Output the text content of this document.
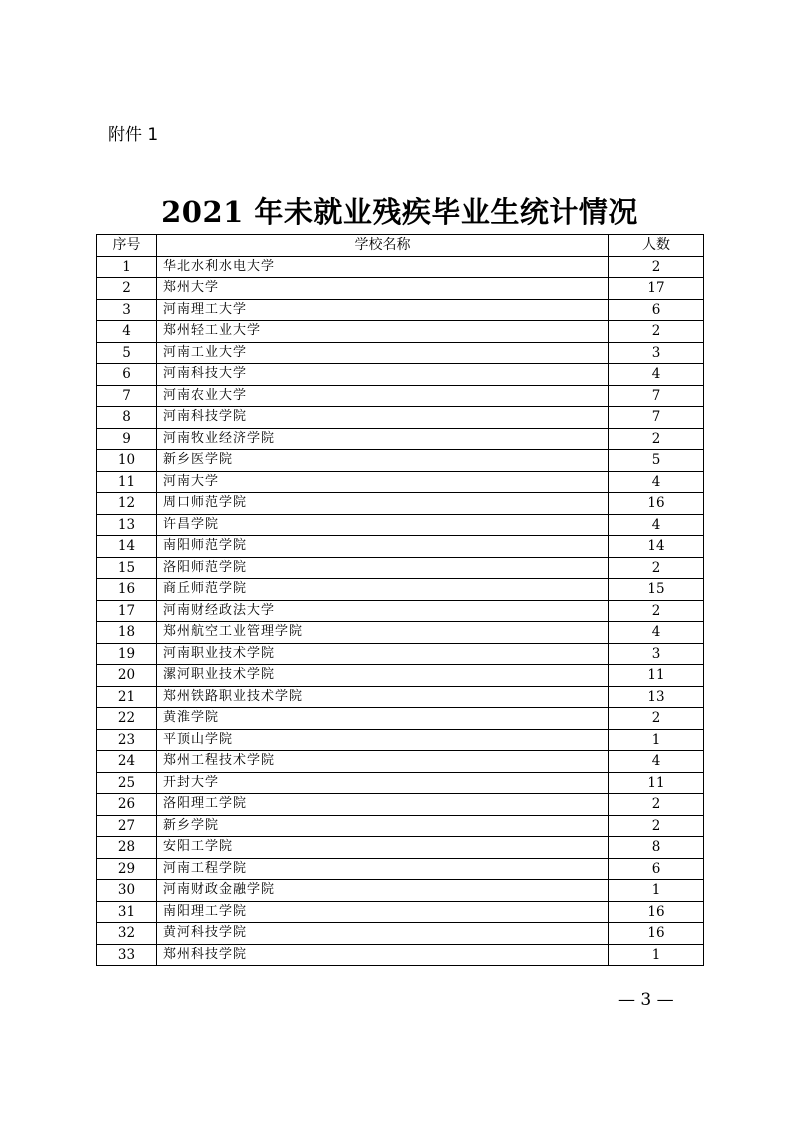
附件 1
2021 年未就业残疾毕业生统计情况
序号	学校名称	人数
1	华北水利水电大学	2
2	郑州大学	17
3	河南理工大学	6
4	郑州轻工业大学	2
5	河南工业大学	3
6	河南科技大学	4
7	河南农业大学	7
8	河南科技学院	7
9	河南牧业经济学院	2
10	新乡医学院	5
11	河南大学	4
12	周口师范学院	16
13	许昌学院	4
14	南阳师范学院	14
15	洛阳师范学院	2
16	商丘师范学院	15
17	河南财经政法大学	2
18	郑州航空工业管理学院	4
19	河南职业技术学院	3
20	漯河职业技术学院	11
21	郑州铁路职业技术学院	13
22	黄淮学院	2
23	平顶山学院	1
24	郑州工程技术学院	4
25	开封大学	11
26	洛阳理工学院	2
27	新乡学院	2
28	安阳工学院	8
29	河南工程学院	6
30	河南财政金融学院	1
31	南阳理工学院	16
32	黄河科技学院	16
33	郑州科技学院	1
— 3 —
